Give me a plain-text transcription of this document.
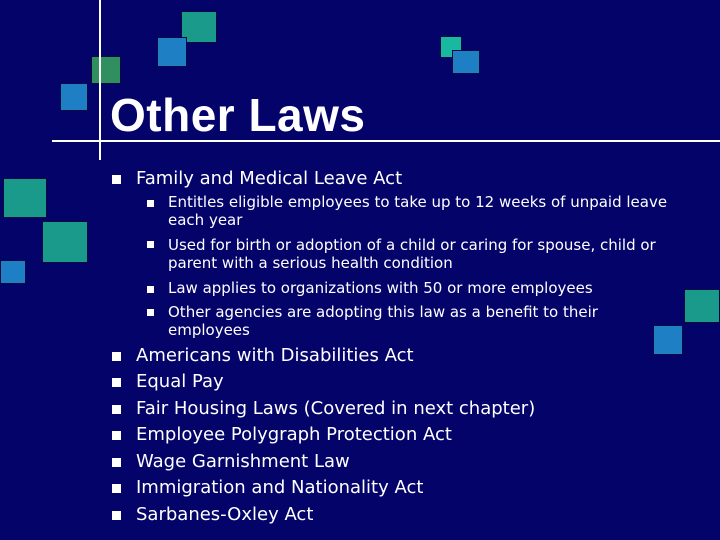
Other Laws
Family and Medical Leave Act
Entitles eligible employees to take up to 12 weeks of unpaid leave each year
Used for birth or adoption of a child or caring for spouse, child or parent with a serious health condition
Law applies to organizations with 50 or more employees
Other agencies are adopting this law as a benefit to their employees
Americans with Disabilities Act
Equal Pay
Fair Housing Laws (Covered in next chapter)
Employee Polygraph Protection Act
Wage Garnishment Law
Immigration and Nationality Act
Sarbanes-Oxley Act
